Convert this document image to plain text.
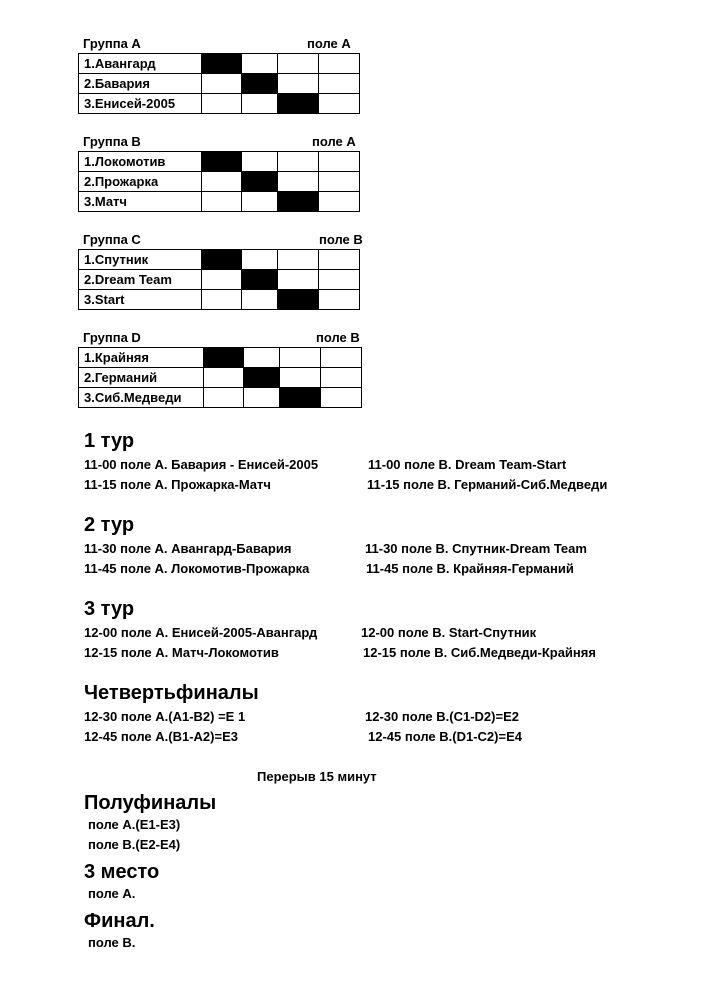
Группа А	поле А
1.Авангард				
2.Бавария				
3.Енисей-2005				
Группа В	поле А
1.Локомотив				
2.Прожарка				
3.Матч				
Группа С	поле В
1.Спутник				
2.Dream Team				
3.Start				
Группа D	поле В
1.Крайняя				
2.Германий				
3.Сиб.Медведи				
1 тур
11-00 поле А. Бавария - Енисей-2005	11-00 поле В. Dream Team-Start
11-15 поле А. Прожарка-Матч	11-15 поле В. Германий-Сиб.Медведи
2 тур
11-30 поле А. Авангард-Бавария	11-30 поле В. Спутник-Dream Team
11-45 поле А. Локомотив-Прожарка	11-45 поле В. Крайняя-Германий
3 тур
12-00 поле А. Енисей-2005-Авангард	12-00 поле В. Start-Спутник
12-15 поле А. Матч-Локомотив	12-15 поле В. Сиб.Медведи-Крайняя
Четвертьфиналы
12-30 поле А.(А1-В2) =Е 1	12-30 поле В.(С1-D2)=Е2
12-45 поле А.(В1-А2)=Е3	12-45 поле В.(D1-С2)=Е4
Перерыв 15 минут
Полуфиналы
поле А.(Е1-Е3)
поле В.(Е2-Е4)
3 место
поле А.
Финал.
поле В.
